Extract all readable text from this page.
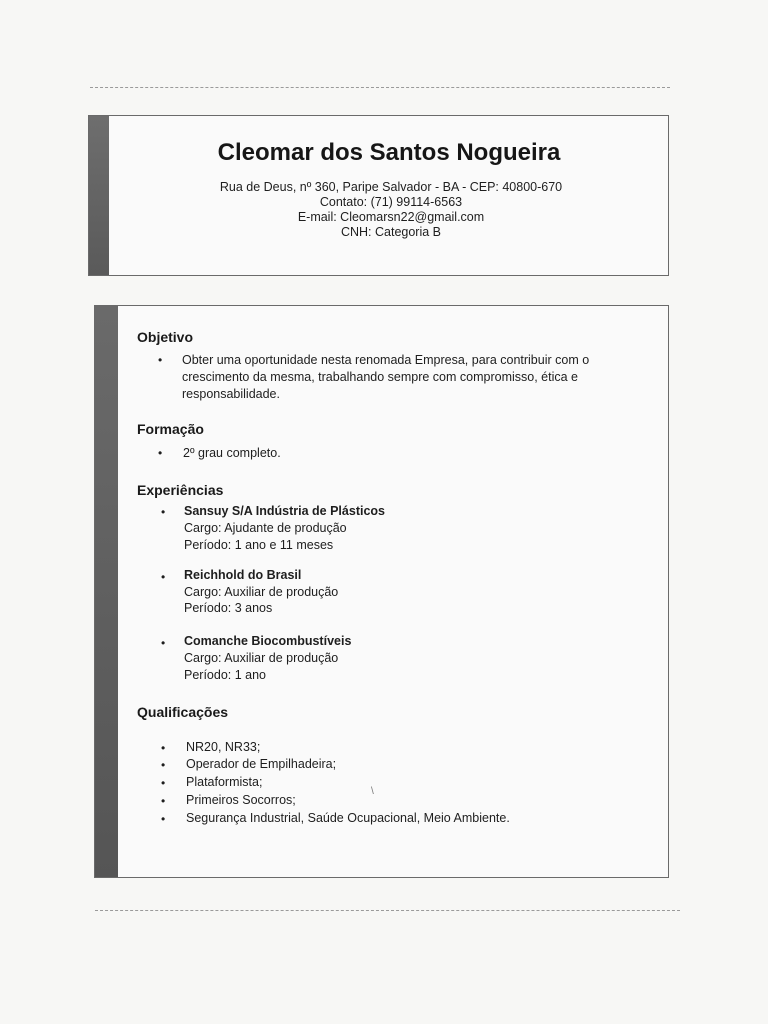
Cleomar dos Santos Nogueira
Rua de Deus, nº 360, Paripe Salvador - BA - CEP: 40800-670
Contato: (71) 99114-6563
E-mail: Cleomarsn22@gmail.com
CNH: Categoria B
Objetivo
• Obter uma oportunidade nesta renomada Empresa, para contribuir com o
crescimento da mesma, trabalhando sempre com compromisso, ética e
responsabilidade.
Formação
• 2º grau completo.
Experiências
• Sansuy S/A Indústria de Plásticos
Cargo: Ajudante de produção
Período: 1 ano e 11 meses
• Reichhold do Brasil
Cargo: Auxiliar de produção
Período: 3 anos
• Comanche Biocombustíveis
Cargo: Auxiliar de produção
Período: 1 ano
Qualificações
• NR20, NR33;
• Operador de Empilhadeira;
• Plataformista;
• Primeiros Socorros;
• Segurança Industrial, Saúde Ocupacional, Meio Ambiente.
\
